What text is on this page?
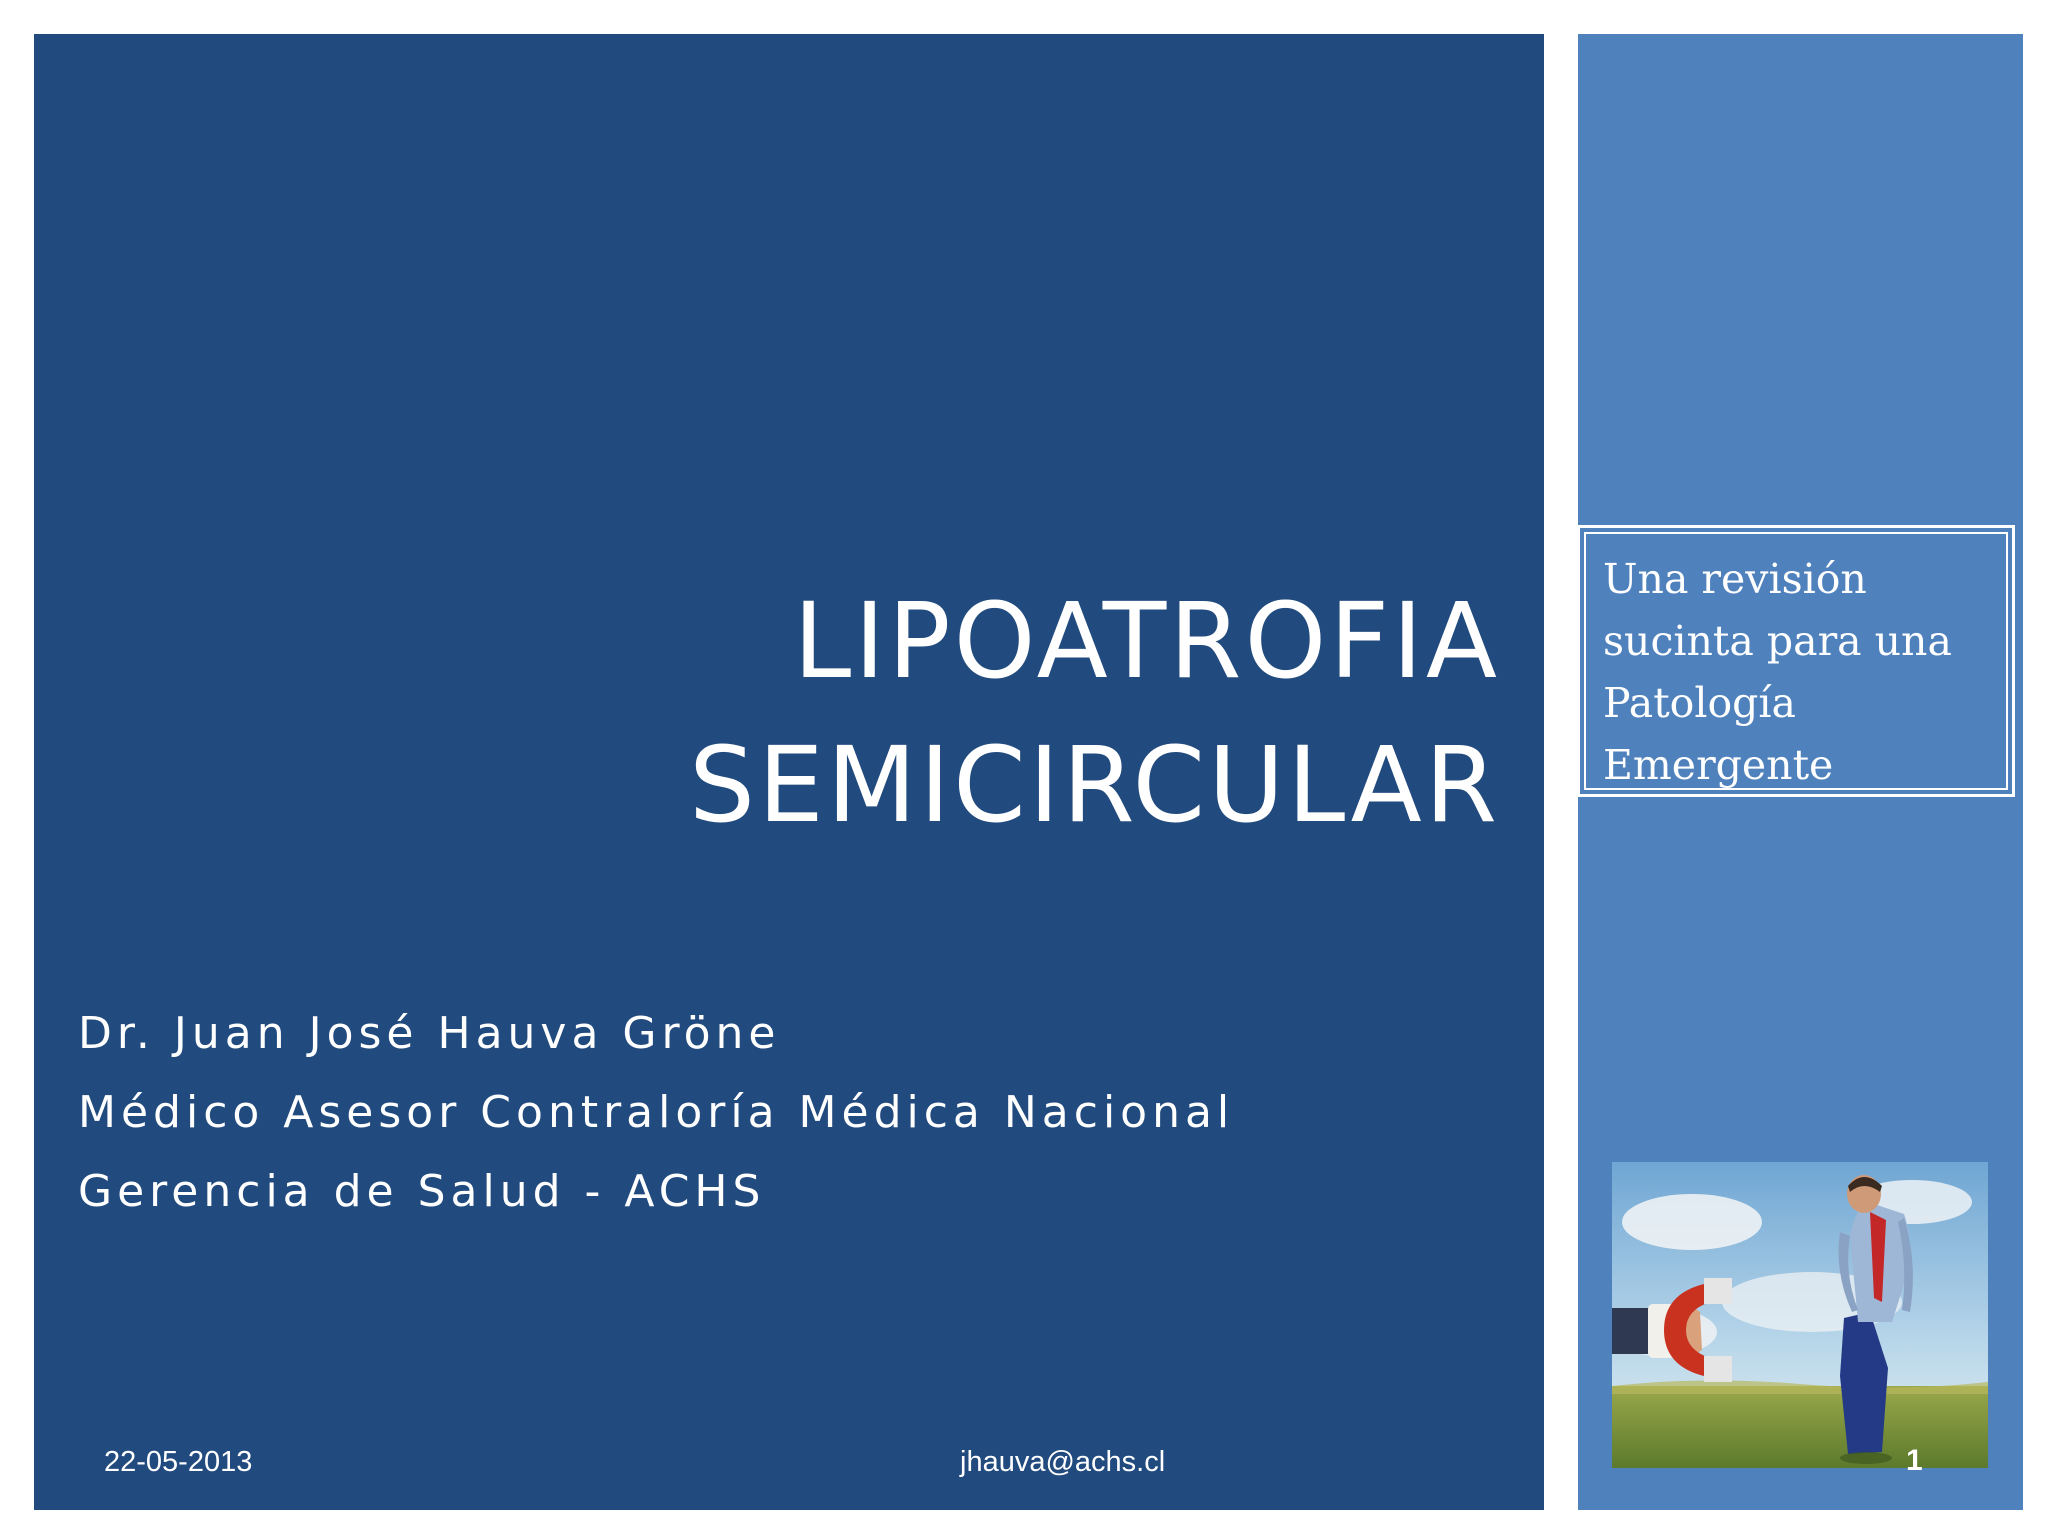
LIPOATROFIA
SEMICIRCULAR
Dr. Juan José Hauva Gröne
Médico Asesor Contraloría Médica Nacional
Gerencia de Salud - ACHS
22-05-2013	jhauva@achs.cl
Una revisión
sucinta para una
Patología
Emergente
1
